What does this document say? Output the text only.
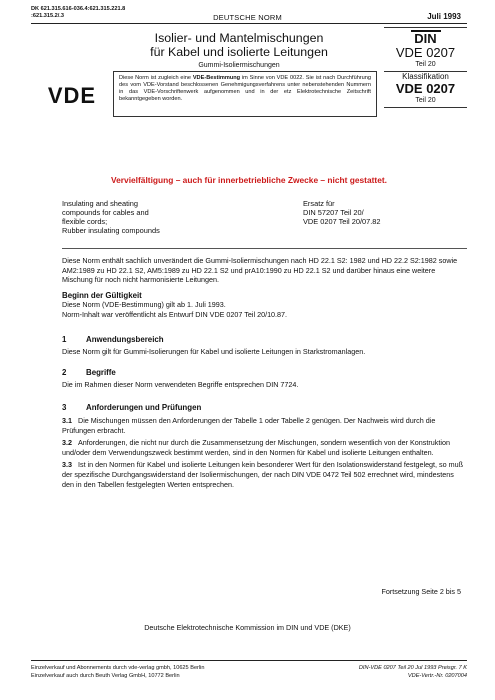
DK 621.315.616-036.4:621.315.221.8
:621.315.2/.3	DEUTSCHE NORM	Juli 1993
Isolier- und Mantelmischungen
für Kabel und isolierte Leitungen
Gummi-Isoliermischungen
DIN
VDE 0207
Teil 20
VDE
Diese Norm ist zugleich eine VDE-Bestimmung im Sinne von VDE 0022. Sie ist nach Durchführung des vom VDE-Vorstand beschlossenen Genehmigungsverfahrens unter nebenstehenden Nummern in das VDE-Vorschriftenwerk aufgenommen und in der etz Elektrotechnische Zeitschrift bekanntgegeben worden.
Klassifikation
VDE 0207
Teil 20
Vervielfältigung – auch für innerbetriebliche Zwecke – nicht gestattet.
Insulating and sheating
compounds for cables and
flexible cords;
Rubber insulating compounds
Ersatz für
DIN 57207 Teil 20/
VDE 0207 Teil 20/07.82
Diese Norm enthält sachlich unverändert die Gummi-Isoliermischungen nach HD 22.1 S2: 1982 und HD 22.2 S2:1982 sowie AM2:1989 zu HD 22.1 S2, AM5:1989 zu HD 22.1 S2 und prA10:1990 zu HD 22.1 S2 und darüber hinaus eine weitere Mischung für noch nicht harmonisierte Leitungen.
Beginn der Gültigkeit
Diese Norm (VDE-Bestimmung) gilt ab 1. Juli 1993.
Norm-Inhalt war veröffentlicht als Entwurf DIN VDE 0207 Teil 20/10.87.
1 Anwendungsbereich
Diese Norm gilt für Gummi-Isolierungen für Kabel und isolierte Leitungen in Starkstromanlagen.
2 Begriffe
Die im Rahmen dieser Norm verwendeten Begriffe entsprechen DIN 7724.
3 Anforderungen und Prüfungen
3.1 Die Mischungen müssen den Anforderungen der Tabelle 1 oder Tabelle 2 genügen. Der Nachweis wird durch die Prüfungen erbracht.
3.2 Anforderungen, die nicht nur durch die Zusammensetzung der Mischungen, sondern wesentlich von der Konstruktion und/oder dem Verwendungszweck bestimmt werden, sind in den Normen für Kabel und isolierte Leitungen enthalten.
3.3 Ist in den Normen für Kabel und isolierte Leitungen kein besonderer Wert für den Isolationswiderstand festgelegt, so muß der spezifische Durchgangswiderstand der Isoliermischungen, der nach DIN VDE 0472 Teil 502 errechnet wird, mindestens den in den Tabellen festgelegten Werten entsprechen.
Fortsetzung Seite 2 bis 5
Deutsche Elektrotechnische Kommission im DIN und VDE (DKE)
Einzelverkauf und Abonnements durch vde-verlag gmbh, 10625 Berlin
Einzelverkauf auch durch Beuth Verlag GmbH, 10772 Berlin
DIN-VDE 0207 Teil 20 Jul 1993 Preisgr. 7 K
VDE-Vertr.-Nr. 0207004
